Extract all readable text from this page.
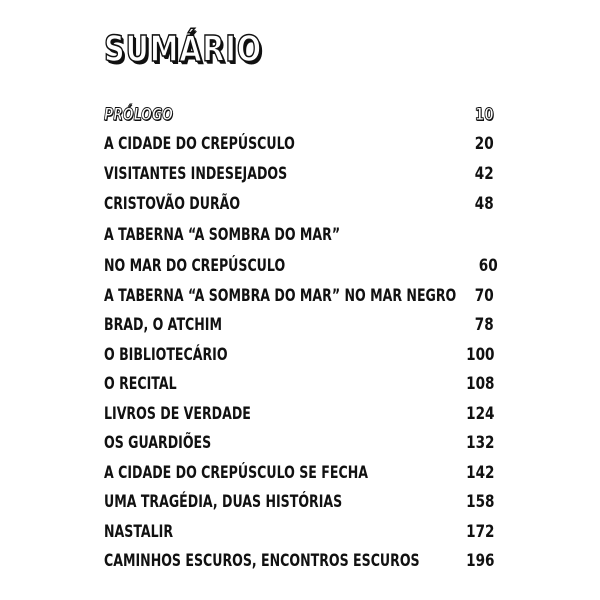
SUMÁRIO
PRÓLOGO	10
A CIDADE DO CREPÚSCULO	20
VISITANTES INDESEJADOS	42
CRISTOVÃO DURÃO	48
A TABERNA “A SOMBRA DO MAR”
NO MAR DO CREPÚSCULO	60
A TABERNA “A SOMBRA DO MAR” NO MAR NEGRO 70
BRAD, O ATCHIM	78
O BIBLIOTECÁRIO	100
O RECITAL	108
LIVROS DE VERDADE	124
OS GUARDIÕES	132
A CIDADE DO CREPÚSCULO SE FECHA	142
UMA TRAGÉDIA, DUAS HISTÓRIAS	158
NASTALIR	172
CAMINHOS ESCUROS, ENCONTROS ESCUROS	196
